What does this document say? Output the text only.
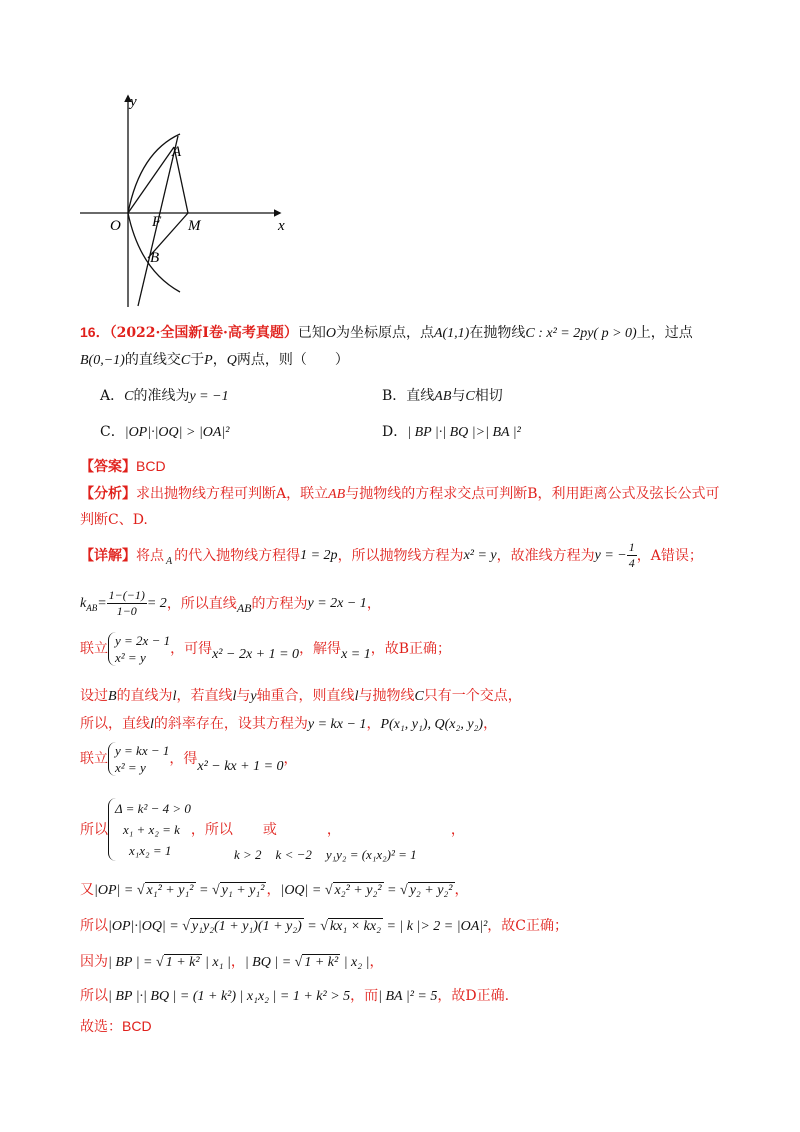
y
x
O
A
F M
B
16．（2022·全国新Ⅰ卷·高考真题）已知O为坐标原点，点A(1,1)在抛物线C : x² = 2py( p > 0)上，过点
B(0,−1)的直线交C于P，Q两点，则（　　）
A．C的准线为y = −1	B．直线AB与C相切
C．|OP|·|OQ| > |OA|²	D．| BP |·| BQ |>| BA |²
【答案】BCD
【分析】求出抛物线方程可判断A，联立AB与抛物线的方程求交点可判断B，利用距离公式及弦长公式可
判断C、D.
【详解】 将点 A 的代入抛物线方程得 1 = 2p ，所以抛物线方程为 x² = y ，故准线方程为 y = − $\frac{1}{4}$ ，A错误；
$k_{AB} = \frac{1-(-1)}{1-0} = 2$ ，所以直线 AB 的方程为 y = 2x − 1 ，
联立
y = 2x − 1
x² = y
，可得 x² − 2x + 1 = 0 ，解得 x = 1 ，故B正确；
设过B的直线为l，若直线l与y轴重合，则直线l与抛物线C只有一个交点，
所以，直线l的斜率存在，设其方程为y = kx − 1，P(x₁, y₁), Q(x₂, y₂)，
联立
y = kx − 1
x² = y
，得 x² − kx + 1 = 0 ，
所以
Δ = k² − 4 > 0
x₁ + x₂ = k
x₁x₂ = 1
，所以 或	，	，
k > 2 k < −2 y₁y₂ = (x₁x₂)² = 1
又|OP| = √ x₁² + y₁² = √ y₁ + y₁² ，|OQ| = √ x₂² + y₂² = √ y₂ + y₂² ，
所以|OP|·|OQ| = √ y₁y₂(1 + y₁)(1 + y₂) = √ kx₁ × kx₂ = | k |> 2 = |OA|²，故C正确；
因为| BP | = √ 1 + k² | x₁ |，| BQ | = √ 1 + k² | x₂ |，
所以| BP |·| BQ | = (1 + k²) | x₁x₂ | = 1 + k² > 5，而| BA |² = 5，故D正确.
故选：BCD
